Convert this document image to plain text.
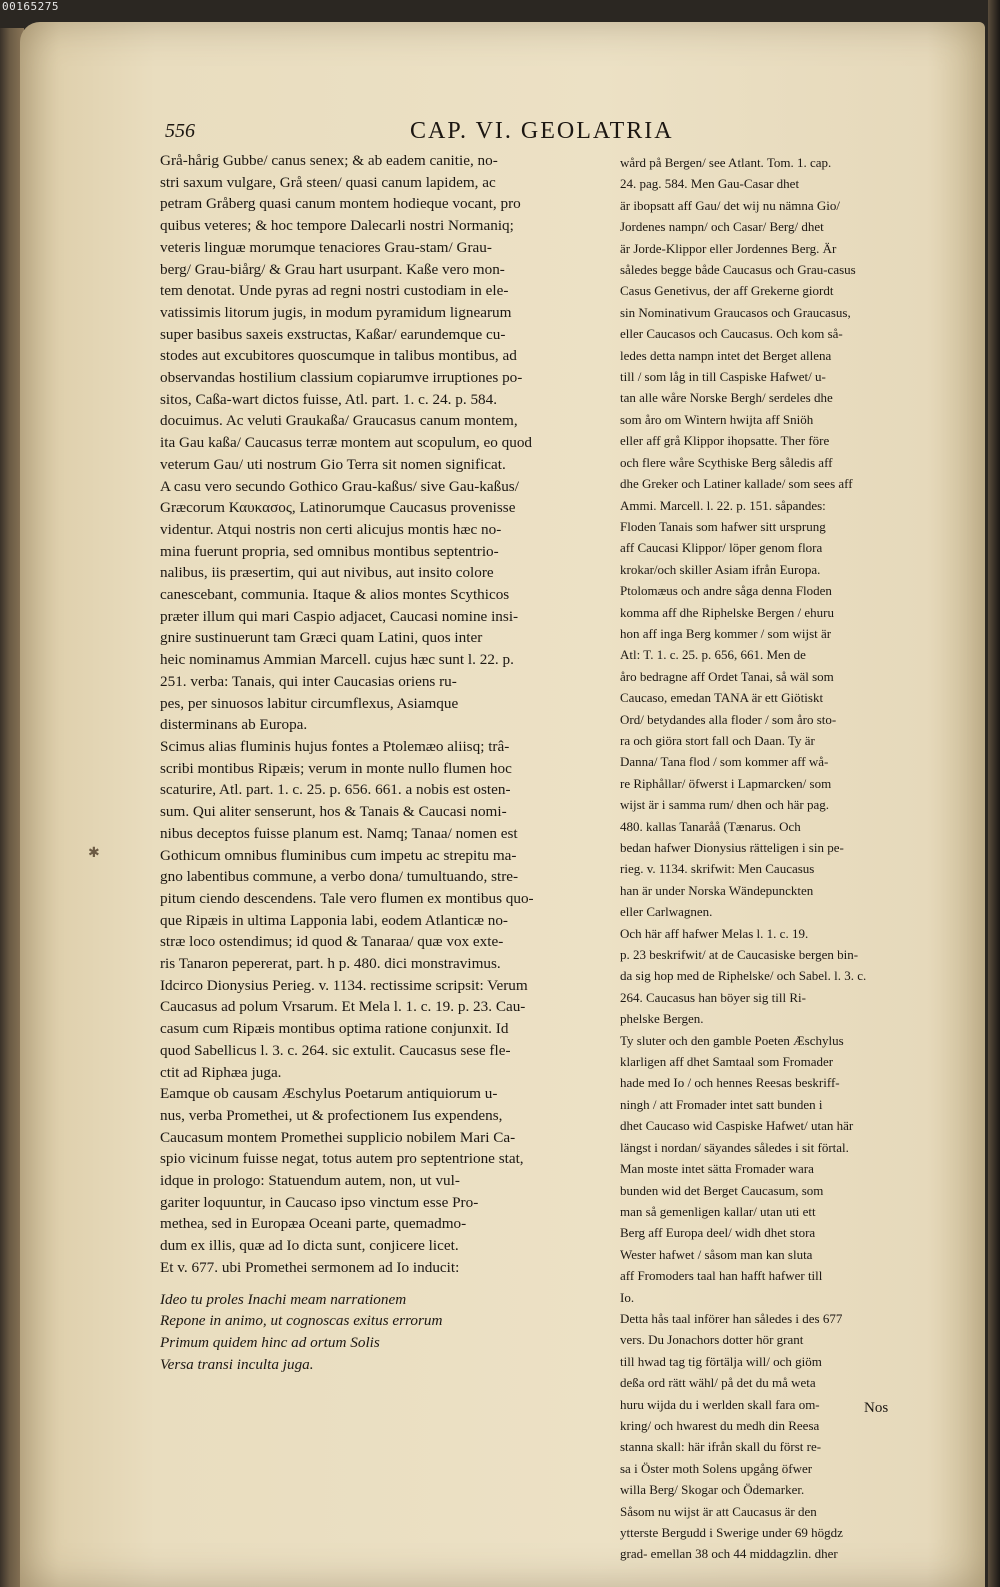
00165275
556	CAP. VI. GEOLATRIA

Grå-hårig Gubbe/ canus senex; & ab eadem canitie, no-

stri saxum vulgare, Grå steen/ quasi canum lapidem, ac

petram Gråberg quasi canum montem hodieque vocant, pro

quibus veteres; & hoc tempore Dalecarli nostri Normaniq;

veteris linguæ morumque tenaciores Grau-stam/ Grau-

berg/ Grau-biårg/ & Grau hart usurpant. Kaße vero mon-

tem denotat. Unde pyras ad regni nostri custodiam in ele-

vatissimis litorum jugis, in modum pyramidum lignearum

super basibus saxeis exstructas, Kaßar/ earundemque cu-

stodes aut excubitores quoscumque in talibus montibus, ad

observandas hostilium classium copiarumve irruptiones po-

sitos, Caßa-wart dictos fuisse, Atl. part. 1. c. 24. p. 584.

docuimus. Ac veluti Graukaßa/ Graucasus canum montem,

ita Gau kaßa/ Caucasus terræ montem aut scopulum, eo quod

veterum Gau/ uti nostrum Gio Terra sit nomen significat.

A casu vero secundo Gothico Grau-kaßus/ sive Gau-kaßus/

Græcorum Καυκασος, Latinorumque Caucasus provenisse

videntur. Atqui nostris non certi alicujus montis hæc no-

mina fuerunt propria, sed omnibus montibus septentrio-

nalibus, iis præsertim, qui aut nivibus, aut insito colore

canescebant, communia. Itaque & alios montes Scythicos

præter illum qui mari Caspio adjacet, Caucasi nomine insi-

gnire sustinuerunt tam Græci quam Latini, quos inter

heic nominamus Ammian Marcell. cujus hæc sunt l. 22. p.

251. verba: Tanais, qui inter Caucasias oriens ru-

pes, per sinuosos labitur circumflexus, Asiamque

disterminans ab Europa.

Scimus alias fluminis hujus fontes a Ptolemæo aliisq; trâ-

scribi montibus Ripæis; verum in monte nullo flumen hoc

scaturire, Atl. part. 1. c. 25. p. 656. 661. a nobis est osten-

sum. Qui aliter senserunt, hos & Tanais & Caucasi nomi-

nibus deceptos fuisse planum est. Namq; Tanaa/ nomen est

Gothicum omnibus fluminibus cum impetu ac strepitu ma-

gno labentibus commune, a verbo dona/ tumultuando, stre-

pitum ciendo descendens. Tale vero flumen ex montibus quo-

que Ripæis in ultima Lapponia labi, eodem Atlanticæ no-

stræ loco ostendimus; id quod & Tanaraa/ quæ vox exte-

ris Tanaron pepererat, part. h p. 480. dici monstravimus.

Idcirco Dionysius Perieg. v. 1134. rectissime scripsit: Verum

Caucasus ad polum Vrsarum. Et Mela l. 1. c. 19. p. 23. Cau-

casum cum Ripæis montibus optima ratione conjunxit. Id

quod Sabellicus l. 3. c. 264. sic extulit. Caucasus sese fle-

ctit ad Riphæa juga.

Eamque ob causam Æschylus Poetarum antiquiorum u-

nus, verba Promethei, ut & profectionem Ius expendens,

Caucasum montem Promethei supplicio nobilem Mari Ca-

spio vicinum fuisse negat, totus autem pro septentrione stat,

idque in prologo: Statuendum autem, non, ut vul-

gariter loquuntur, in Caucaso ipso vinctum esse Pro-

methea, sed in Europæa Oceani parte, quemadmo-

dum ex illis, quæ ad Io dicta sunt, conjicere licet.

Et v. 677. ubi Promethei sermonem ad Io inducit:

Ideo tu proles Inachi meam narrationem

Repone in animo, ut cognoscas exitus errorum

Primum quidem hinc ad ortum Solis

Versa transi inculta juga.

wård på Bergen/ see Atlant. Tom. 1. cap.

24. pag. 584. Men Gau-Casar dhet

är ibopsatt aff Gau/ det wij nu nämna Gio/

Jordenes nampn/ och Casar/ Berg/ dhet

är Jorde-Klippor eller Jordennes Berg. Är

således begge både Caucasus och Grau-casus

Casus Genetivus, der aff Grekerne giordt

sin Nominativum Graucasos och Graucasus,

eller Caucasos och Caucasus. Och kom så-

ledes detta nampn intet det Berget allena

till / som låg in till Caspiske Hafwet/ u-

tan alle wåre Norske Bergh/ serdeles dhe

som åro om Wintern hwijta aff Sniöh

eller aff grå Klippor ihopsatte. Ther före

och flere wåre Scythiske Berg såledis aff

dhe Greker och Latiner kallade/ som sees aff

Ammi. Marcell. l. 22. p. 151. såpandes:

Floden Tanais som hafwer sitt ursprung

aff Caucasi Klippor/ löper genom flora

krokar/och skiller Asiam ifrån Europa.

Ptolomæus och andre såga denna Floden

komma aff dhe Riphelske Bergen / ehuru

hon aff inga Berg kommer / som wijst är

Atl: T. 1. c. 25. p. 656, 661. Men de

åro bedragne aff Ordet Tanai, så wäl som

Caucaso, emedan TANA är ett Giötiskt

Ord/ betydandes alla floder / som åro sto-

ra och giöra stort fall och Daan. Ty är

Danna/ Tana flod / som kommer aff wå-

re Riphållar/ öfwerst i Lapmarcken/ som

wijst är i samma rum/ dhen och här pag.

480. kallas Tanaråå (Tænarus. Och

bedan hafwer Dionysius rätteligen i sin pe-

rieg. v. 1134. skrifwit: Men Caucasus

han är under Norska Wändepunckten

eller Carlwagnen.

Och här aff hafwer Melas l. 1. c. 19.

p. 23 beskrifwit/ at de Caucasiske bergen bin-

da sig hop med de Riphelske/ och Sabel. l. 3. c.

264. Caucasus han böyer sig till Ri-

phelske Bergen.

Ty sluter och den gamble Poeten Æschylus

klarligen aff dhet Samtaal som Fromader

hade med Io / och hennes Reesas beskriff-

ningh / att Fromader intet satt bunden i

dhet Caucaso wid Caspiske Hafwet/ utan här

längst i nordan/ säyandes således i sit förtal.

Man moste intet sätta Fromader wara

bunden wid det Berget Caucasum, som

man så gemenligen kallar/ utan uti ett

Berg aff Europa deel/ widh dhet stora

Wester hafwet / såsom man kan sluta

aff Fromoders taal han hafft hafwer till

Io.

Detta hås taal införer han således i des 677

vers. Du Jonachors dotter hör grant

till hwad tag tig förtälja will/ och giöm

deßa ord rätt wähl/ på det du må weta

huru wijda du i werlden skall fara om-

kring/ och hwarest du medh din Reesa

stanna skall: här ifrån skall du först re-

sa i Öster moth Solens upgång öfwer

willa Berg/ Skogar och Ödemarker.

Såsom nu wijst är att Caucasus är den

ytterste Bergudd i Swerige under 69 högdz

grad- emellan 38 och 44 middagzlin. dher

Nos
✱
